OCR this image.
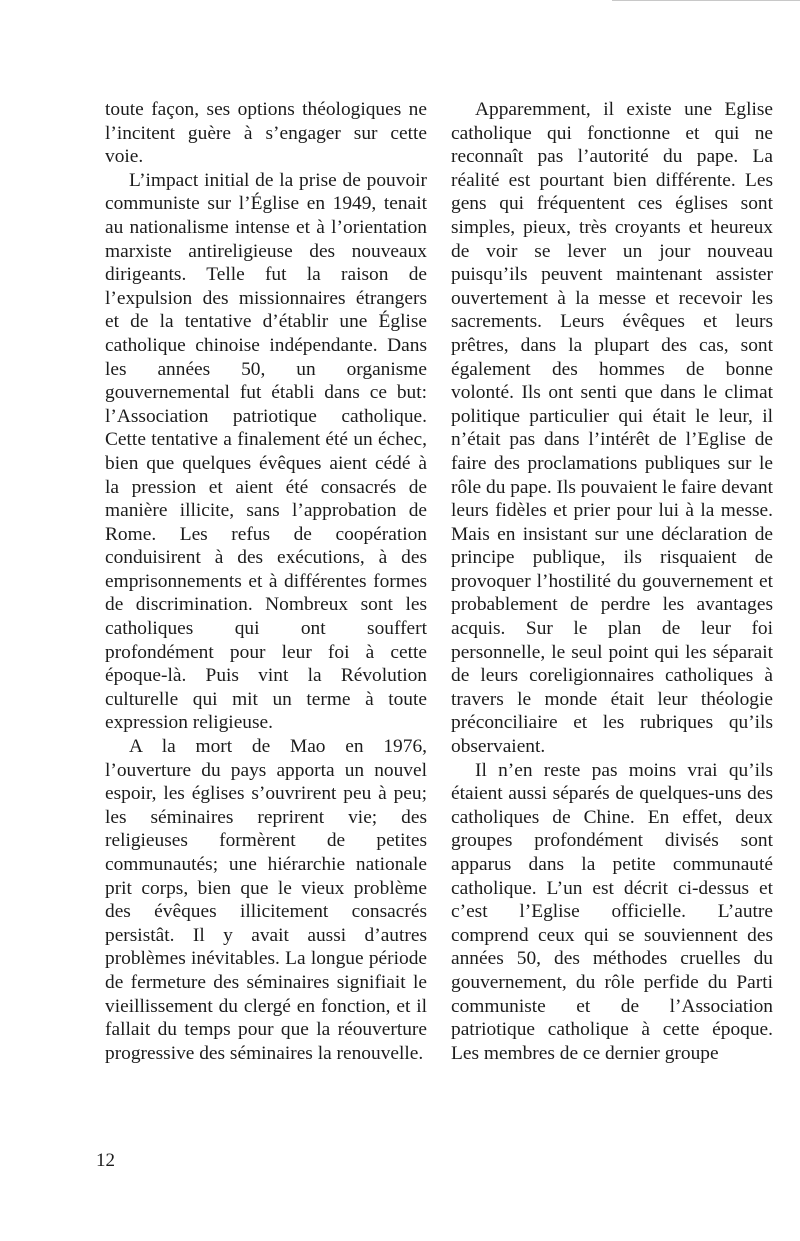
toute façon, ses options théologiques ne l’incitent guère à s’engager sur cette voie.

L’impact initial de la prise de pouvoir communiste sur l’Église en 1949, tenait au nationalisme intense et à l’orientation marxiste antireligieuse des nouveaux dirigeants. Telle fut la raison de l’expulsion des missionnaires étrangers et de la tentative d’établir une Église catholique chinoise indépendante. Dans les années 50, un organisme gouvernemental fut établi dans ce but: l’Association patriotique catholique. Cette tentative a finalement été un échec, bien que quelques évêques aient cédé à la pression et aient été consacrés de manière illicite, sans l’approbation de Rome. Les refus de coopération conduisirent à des exécutions, à des emprisonnements et à différentes formes de discrimination. Nombreux sont les catholiques qui ont souffert profondément pour leur foi à cette époque-là. Puis vint la Révolution culturelle qui mit un terme à toute expression religieuse.

A la mort de Mao en 1976, l’ouverture du pays apporta un nouvel espoir, les églises s’ouvrirent peu à peu; les séminaires reprirent vie; des religieuses formèrent de petites communautés; une hiérarchie nationale prit corps, bien que le vieux problème des évêques illicitement consacrés persistât. Il y avait aussi d’autres problèmes inévitables. La longue période de fermeture des séminaires signifiait le vieillissement du clergé en fonction, et il fallait du temps pour que la réouverture progressive des séminaires la renouvelle.

Apparemment, il existe une Eglise catholique qui fonctionne et qui ne reconnaît pas l’autorité du pape. La réalité est pourtant bien différente. Les gens qui fréquentent ces églises sont simples, pieux, très croyants et heureux de voir se lever un jour nouveau puisqu’ils peuvent maintenant assister ouvertement à la messe et recevoir les sacrements. Leurs évêques et leurs prêtres, dans la plupart des cas, sont également des hommes de bonne volonté. Ils ont senti que dans le climat politique particulier qui était le leur, il n’était pas dans l’intérêt de l’Eglise de faire des proclamations publiques sur le rôle du pape. Ils pouvaient le faire devant leurs fidèles et prier pour lui à la messe. Mais en insistant sur une déclaration de principe publique, ils risquaient de provoquer l’hostilité du gouvernement et probablement de perdre les avantages acquis. Sur le plan de leur foi personnelle, le seul point qui les séparait de leurs coreligionnaires catholiques à travers le monde était leur théologie préconciliaire et les rubriques qu’ils observaient.

Il n’en reste pas moins vrai qu’ils étaient aussi séparés de quelques-uns des catholiques de Chine. En effet, deux groupes profondément divisés sont apparus dans la petite communauté catholique. L’un est décrit ci-dessus et c’est l’Eglise officielle. L’autre comprend ceux qui se souviennent des années 50, des méthodes cruelles du gouvernement, du rôle perfide du Parti communiste et de l’Association patriotique catholique à cette époque. Les membres de ce dernier groupe

12
